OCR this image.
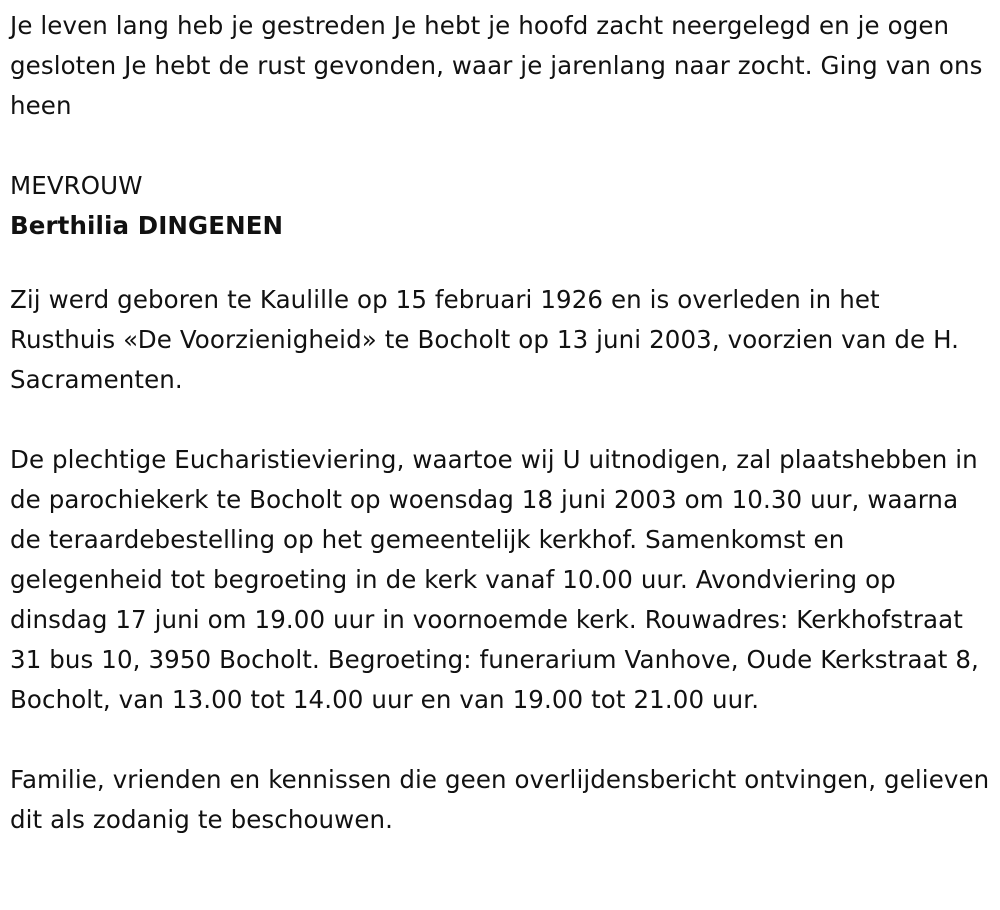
Je leven lang heb je gestreden Je hebt je hoofd zacht neergelegd en je ogen gesloten Je hebt de rust gevonden, waar je jarenlang naar zocht. Ging van ons heen

MEVROUW

Berthilia DINGENEN

Zij werd geboren te Kaulille op 15 februari 1926 en is overleden in het Rusthuis «De Voorzienigheid» te Bocholt op 13 juni 2003, voorzien van de H. Sacramenten.

De plechtige Eucharistieviering, waartoe wij U uitnodigen, zal plaatshebben in de parochiekerk te Bocholt op woensdag 18 juni 2003 om 10.30 uur, waarna de teraardebestelling op het gemeentelijk kerkhof. Samenkomst en gelegenheid tot begroeting in de kerk vanaf 10.00 uur. Avondviering op dinsdag 17 juni om 19.00 uur in voornoemde kerk. Rouwadres: Kerkhofstraat 31 bus 10, 3950 Bocholt. Begroeting: funerarium Vanhove, Oude Kerkstraat 8, Bocholt, van 13.00 tot 14.00 uur en van 19.00 tot 21.00 uur.

Familie, vrienden en kennissen die geen overlijdensbericht ontvingen, gelieven dit als zodanig te beschouwen.
